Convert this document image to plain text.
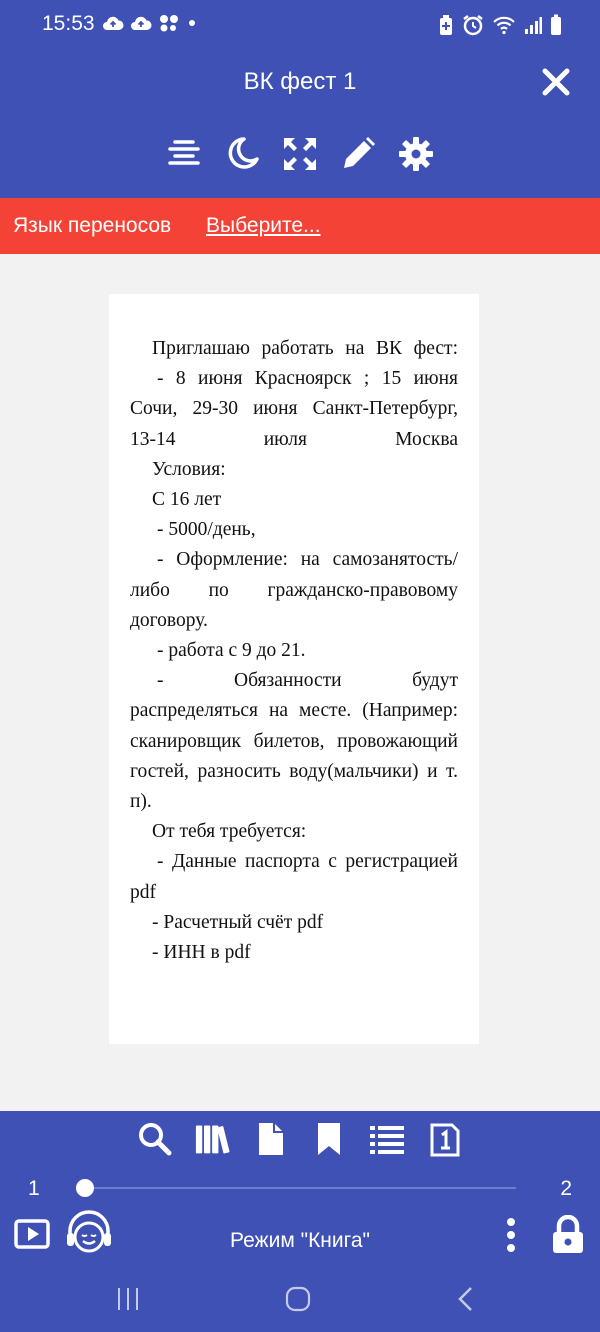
15:53
ВК фест 1
Язык переносов Выберите...

Приглашаю работать на ВК фест:

- 8 июня Красноярск ; 15 июня Сочи, 29-30 июня Санкт-Петербург, 13-14 июля Москва

Условия:

С 16 лет

- 5000/день,

- Оформление: на самозанятость/либо по гражданско-правовому договору.

- работа с 9 до 21.

- Обязанности будут распределяться на месте. (Например: сканировщик билетов, провожающий гостей, разносить воду(мальчики) и т. п).

От тебя требуется:

- Данные паспорта с регистрацией pdf

- Расчетный счёт pdf

- ИНН в pdf

1	2
Режим "Книга"
